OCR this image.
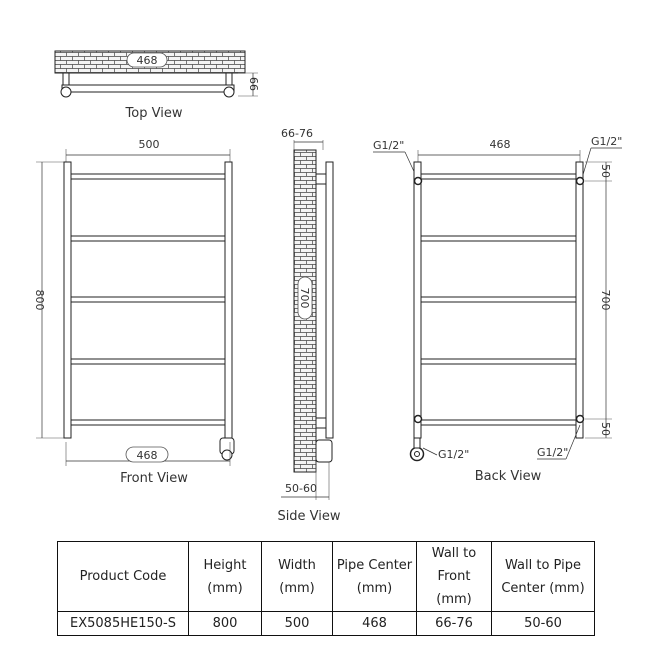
468
66
Top View
500
800
468
Front View
66-76
700
50-60
Side View
G1/2"	G1/2"
468
50
700
50
G1/2"	G1/2"
Back View
Product Code	Height (mm)	Width (mm)	Pipe Center (mm)	Wall to Front (mm)	Wall to Pipe Center (mm)
EX5085HE150-S	800	500	468	66-76	50-60
